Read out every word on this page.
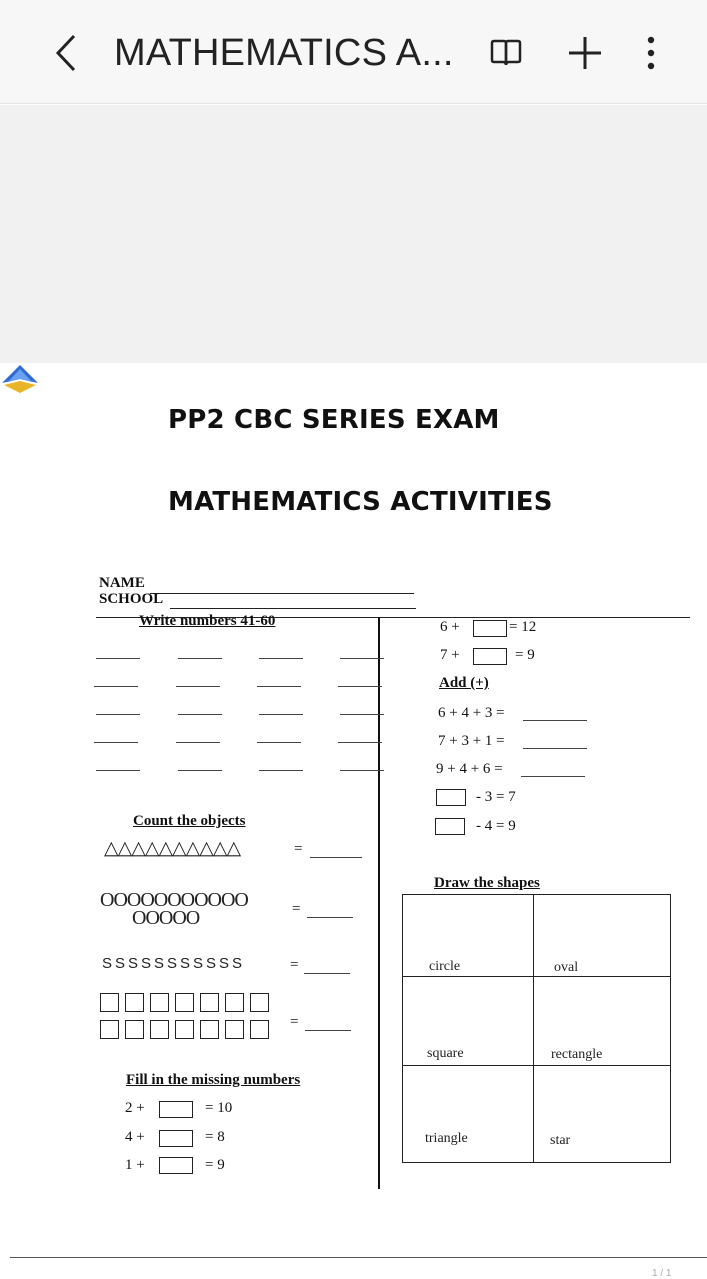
MATHEMATICS A...
PP2 CBC SERIES EXAM
MATHEMATICS ACTIVITIES
NAME
SCHOOL
Write numbers 41-60
Count the objects
△△△△△△△△△△	=
OOOOOOOOOOO
OOOOO	=
SSSSSSSSSSS	=
=
Fill in the missing numbers
2 +	= 10
4 +	= 8
1 +	= 9
6 +	= 12
7 +	= 9
Add (+)
6 + 4 + 3 =
7 + 3 + 1 =
9 + 4 + 6 =
- 3 = 7
- 4 = 9
Draw the shapes
circle	oval
square	rectangle
triangle	star
1 / 1
